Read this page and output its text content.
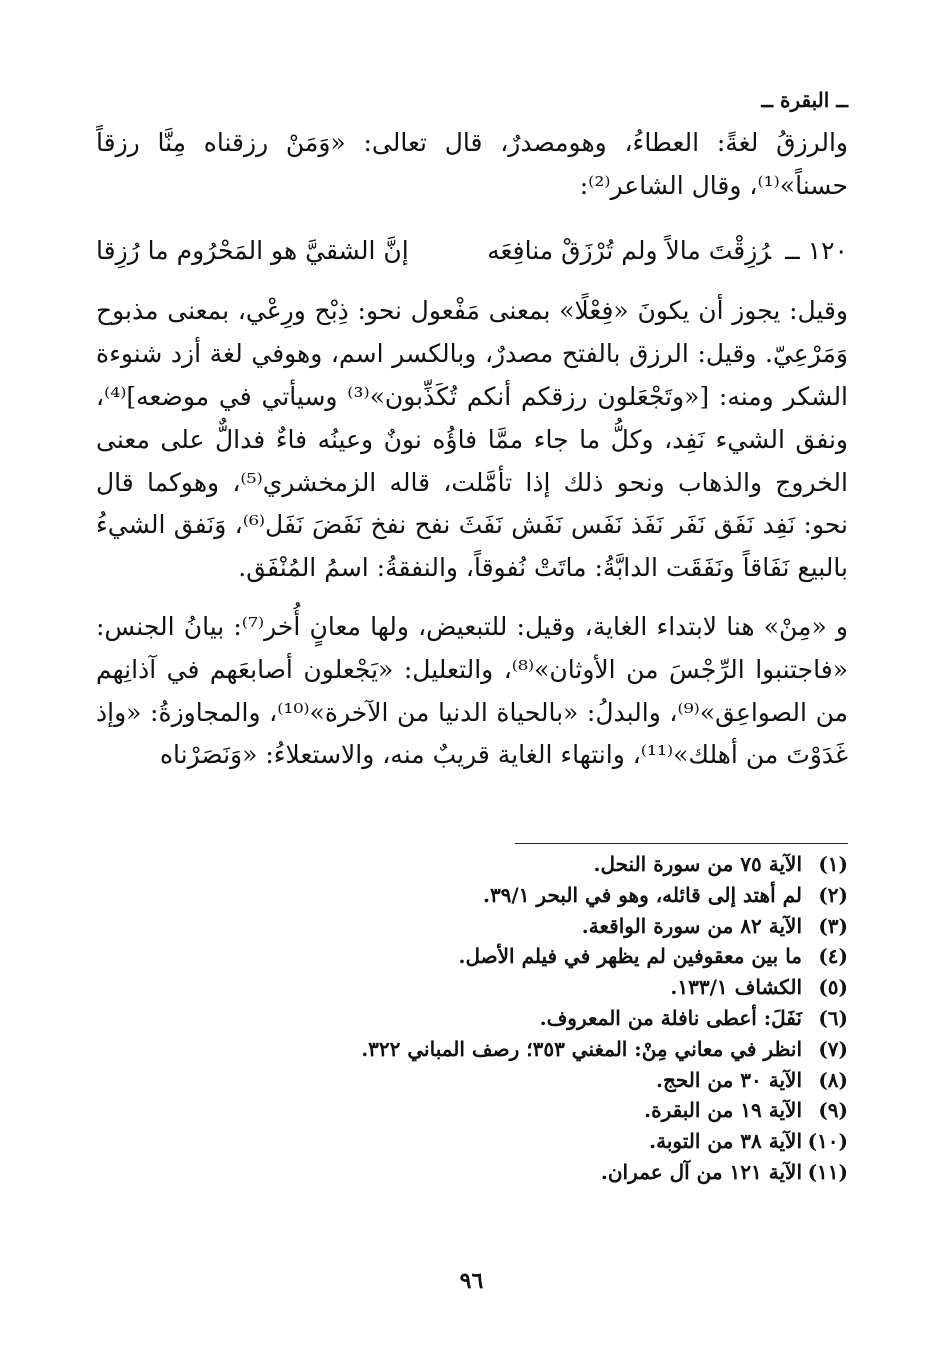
ــ البقرة ــ

والرزقُ لغةً: العطاءُ، وهومصدرٌ، قال تعالى: «وَمَنْ رزقناه مِنَّا رزقاً حسناً»⁽¹⁾، وقال الشاعر⁽²⁾:

١٢٠ ــرُزِقْتَ مالاً ولم تُرْزَقْ منافِعَه
إنَّ الشقيَّ هو المَحْرُوم ما رُزِقا

وقيل: يجوز أن يكونَ «فِعْلًا» بمعنى مَفْعول نحو: ذِبْح ورِعْي، بمعنى مذبوح وَمَرْعِيّ. وقيل: الرزق بالفتح مصدرٌ، وبالكسر اسم، وهوفي لغة أزد شنوءة الشكر ومنه: [«وتَجْعَلون رزقكم أنكم تُكَذِّبون»⁽³⁾ وسيأتي في موضعه]⁽⁴⁾، ونفق الشيء نَفِد، وكلُّ ما جاء ممَّا فاؤُه نونٌ وعينُه فاءٌ فدالٌّ على معنى الخروج والذهاب ونحو ذلك إذا تأمَّلت، قاله الزمخشري⁽⁵⁾، وهوكما قال نحو: نَفِد نَفَق نَفَر نَفَذ نَفَس نَفَش نَفَثَ نفح نفخ نَفَضَ نَفَل⁽⁶⁾، وَنَفق الشيءُ بالبيع نَفَاقاً ونَفَقَت الدابَّةُ: ماتَتْ نُفوقاً، والنفقةُ: اسمُ المُنْفَق.

و «مِنْ» هنا لابتداء الغاية، وقيل: للتبعيض، ولها معانٍ أُخر⁽⁷⁾: بيانُ الجنس: «فاجتنبوا الرِّجْسَ من الأوثان»⁽⁸⁾، والتعليل: «يَجْعلون أصابعَهم في آذانِهم من الصواعِق»⁽⁹⁾، والبدلُ: «بالحياة الدنيا من الآخرة»⁽¹⁰⁾، والمجاوزةُ: «وإذ غَدَوْتَ من أهلك»⁽¹¹⁾، وانتهاء الغاية قريبٌ منه، والاستعلاءُ: «وَنَصَرْناه

(١)
الآية ٧٥ من سورة النحل.
(٢)
لم أهتد إلى قائله، وهو في البحر ٣٩/١.
(٣)
الآية ٨٢ من سورة الواقعة.
(٤)
ما بين معقوفين لم يظهر في فيلم الأصل.
(٥)
الكشاف ١٣٣/١.
(٦)
نَفَلَ: أعطى نافلة من المعروف.
(٧)
انظر في معاني مِنْ: المغني ٣٥٣؛ رصف المباني ٣٢٢.
(٨)
الآية ٣٠ من الحج.
(٩)
الآية ١٩ من البقرة.
(١٠)
الآية ٣٨ من التوبة.
(١١)
الآية ١٢١ من آل عمران.
٩٦
